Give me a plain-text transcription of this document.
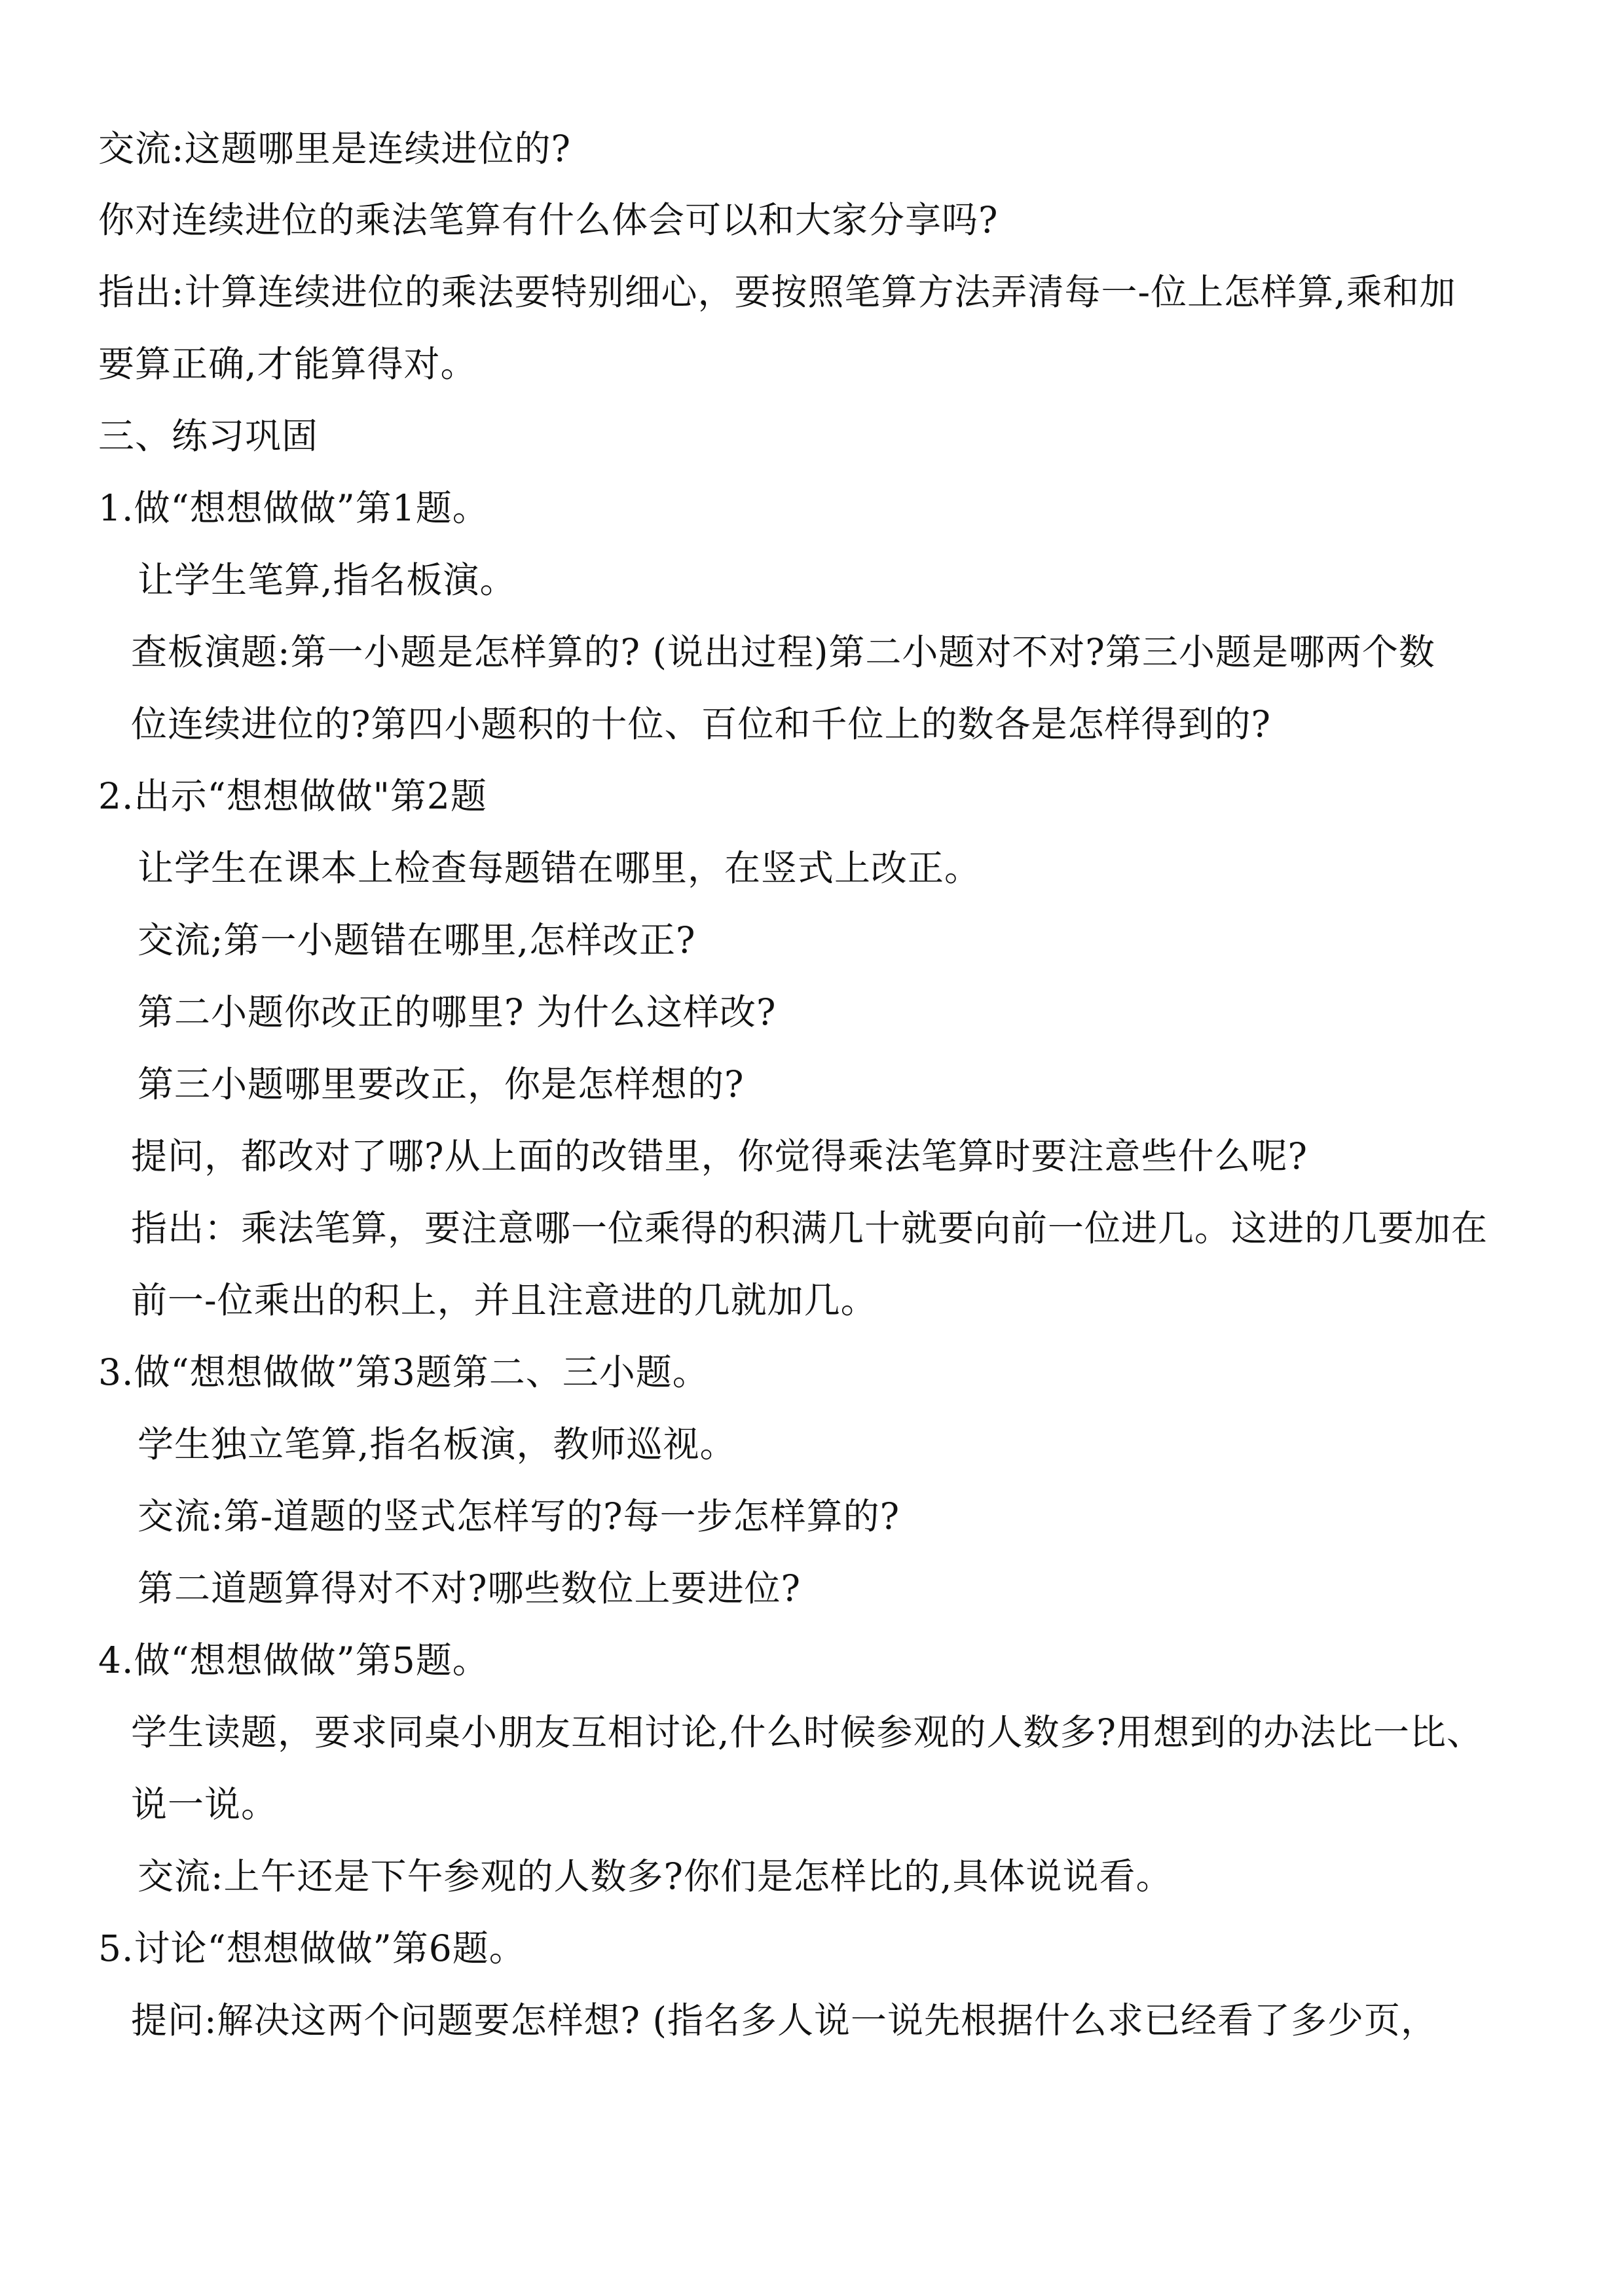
交流:这题哪里是连续进位的?
你对连续进位的乘法笔算有什么体会可以和大家分享吗?
指出:计算连续进位的乘法要特别细心，要按照笔算方法弄清每一-位上怎样算,乘和加
要算正确,才能算得对。
三、练习巩固
1.做“想想做做”第1题。
让学生笔算,指名板演。
查板演题:第一小题是怎样算的? (说出过程)第二小题对不对?第三小题是哪两个数
位连续进位的?第四小题积的十位、百位和千位上的数各是怎样得到的?
2.出示“想想做做"第2题
让学生在课本上检查每题错在哪里，在竖式上改正。
交流;第一小题错在哪里,怎样改正?
第二小题你改正的哪里? 为什么这样改?
第三小题哪里要改正，你是怎样想的?
提问，都改对了哪?从上面的改错里，你觉得乘法笔算时要注意些什么呢?
指出：乘法笔算，要注意哪一位乘得的积满几十就要向前一位进几。这进的几要加在
前一-位乘出的积上，并且注意进的几就加几。
3.做“想想做做”第3题第二、三小题。
学生独立笔算,指名板演，教师巡视。
交流:第-道题的竖式怎样写的?每一步怎样算的?
第二道题算得对不对?哪些数位上要进位?
4.做“想想做做”第5题。
学生读题，要求同桌小朋友互相讨论,什么时候参观的人数多?用想到的办法比一比、
说一说。
交流:上午还是下午参观的人数多?你们是怎样比的,具体说说看。
5.讨论“想想做做”第6题。
提问:解决这两个问题要怎样想? (指名多人说一说先根据什么求已经看了多少页，
